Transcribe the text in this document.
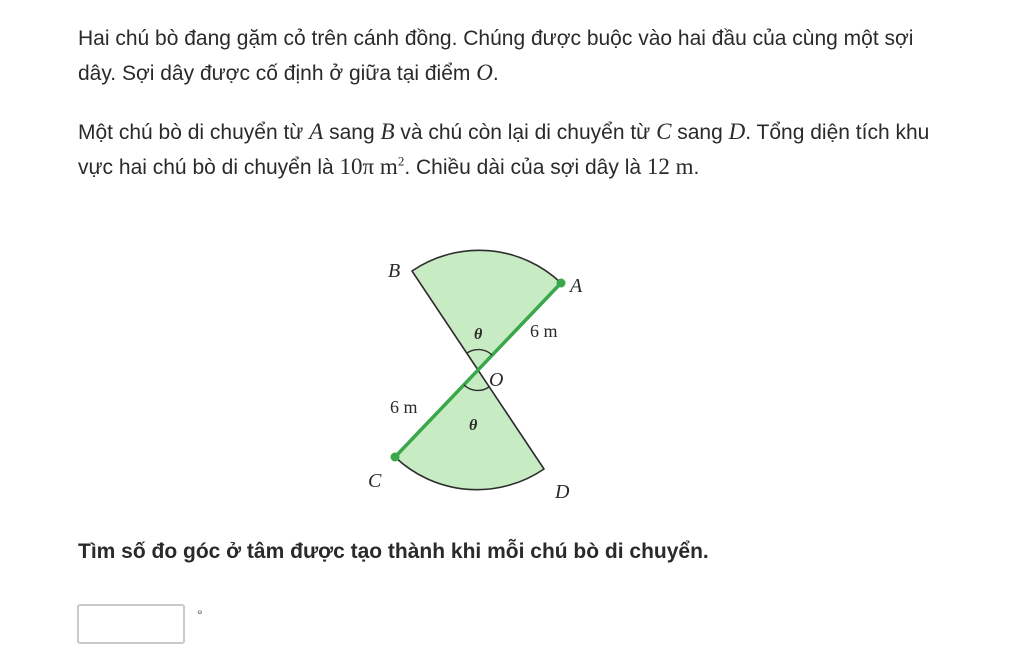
Hai chú bò đang gặm cỏ trên cánh đồng. Chúng được buộc vào hai đầu của cùng một sợi dây. Sợi dây được cố định ở giữa tại điểm O.

Một chú bò di chuyển từ A sang B và chú còn lại di chuyển từ C sang D. Tổng diện tích khu vực hai chú bò di chuyển là 10π $m^2$. Chiều dài của sợi dây là 12 m.

B
A
C	D
O
θ
θ
6 m
6 m

Tìm số đo góc ở tâm được tạo thành khi mỗi chú bò di chuyển.

°
